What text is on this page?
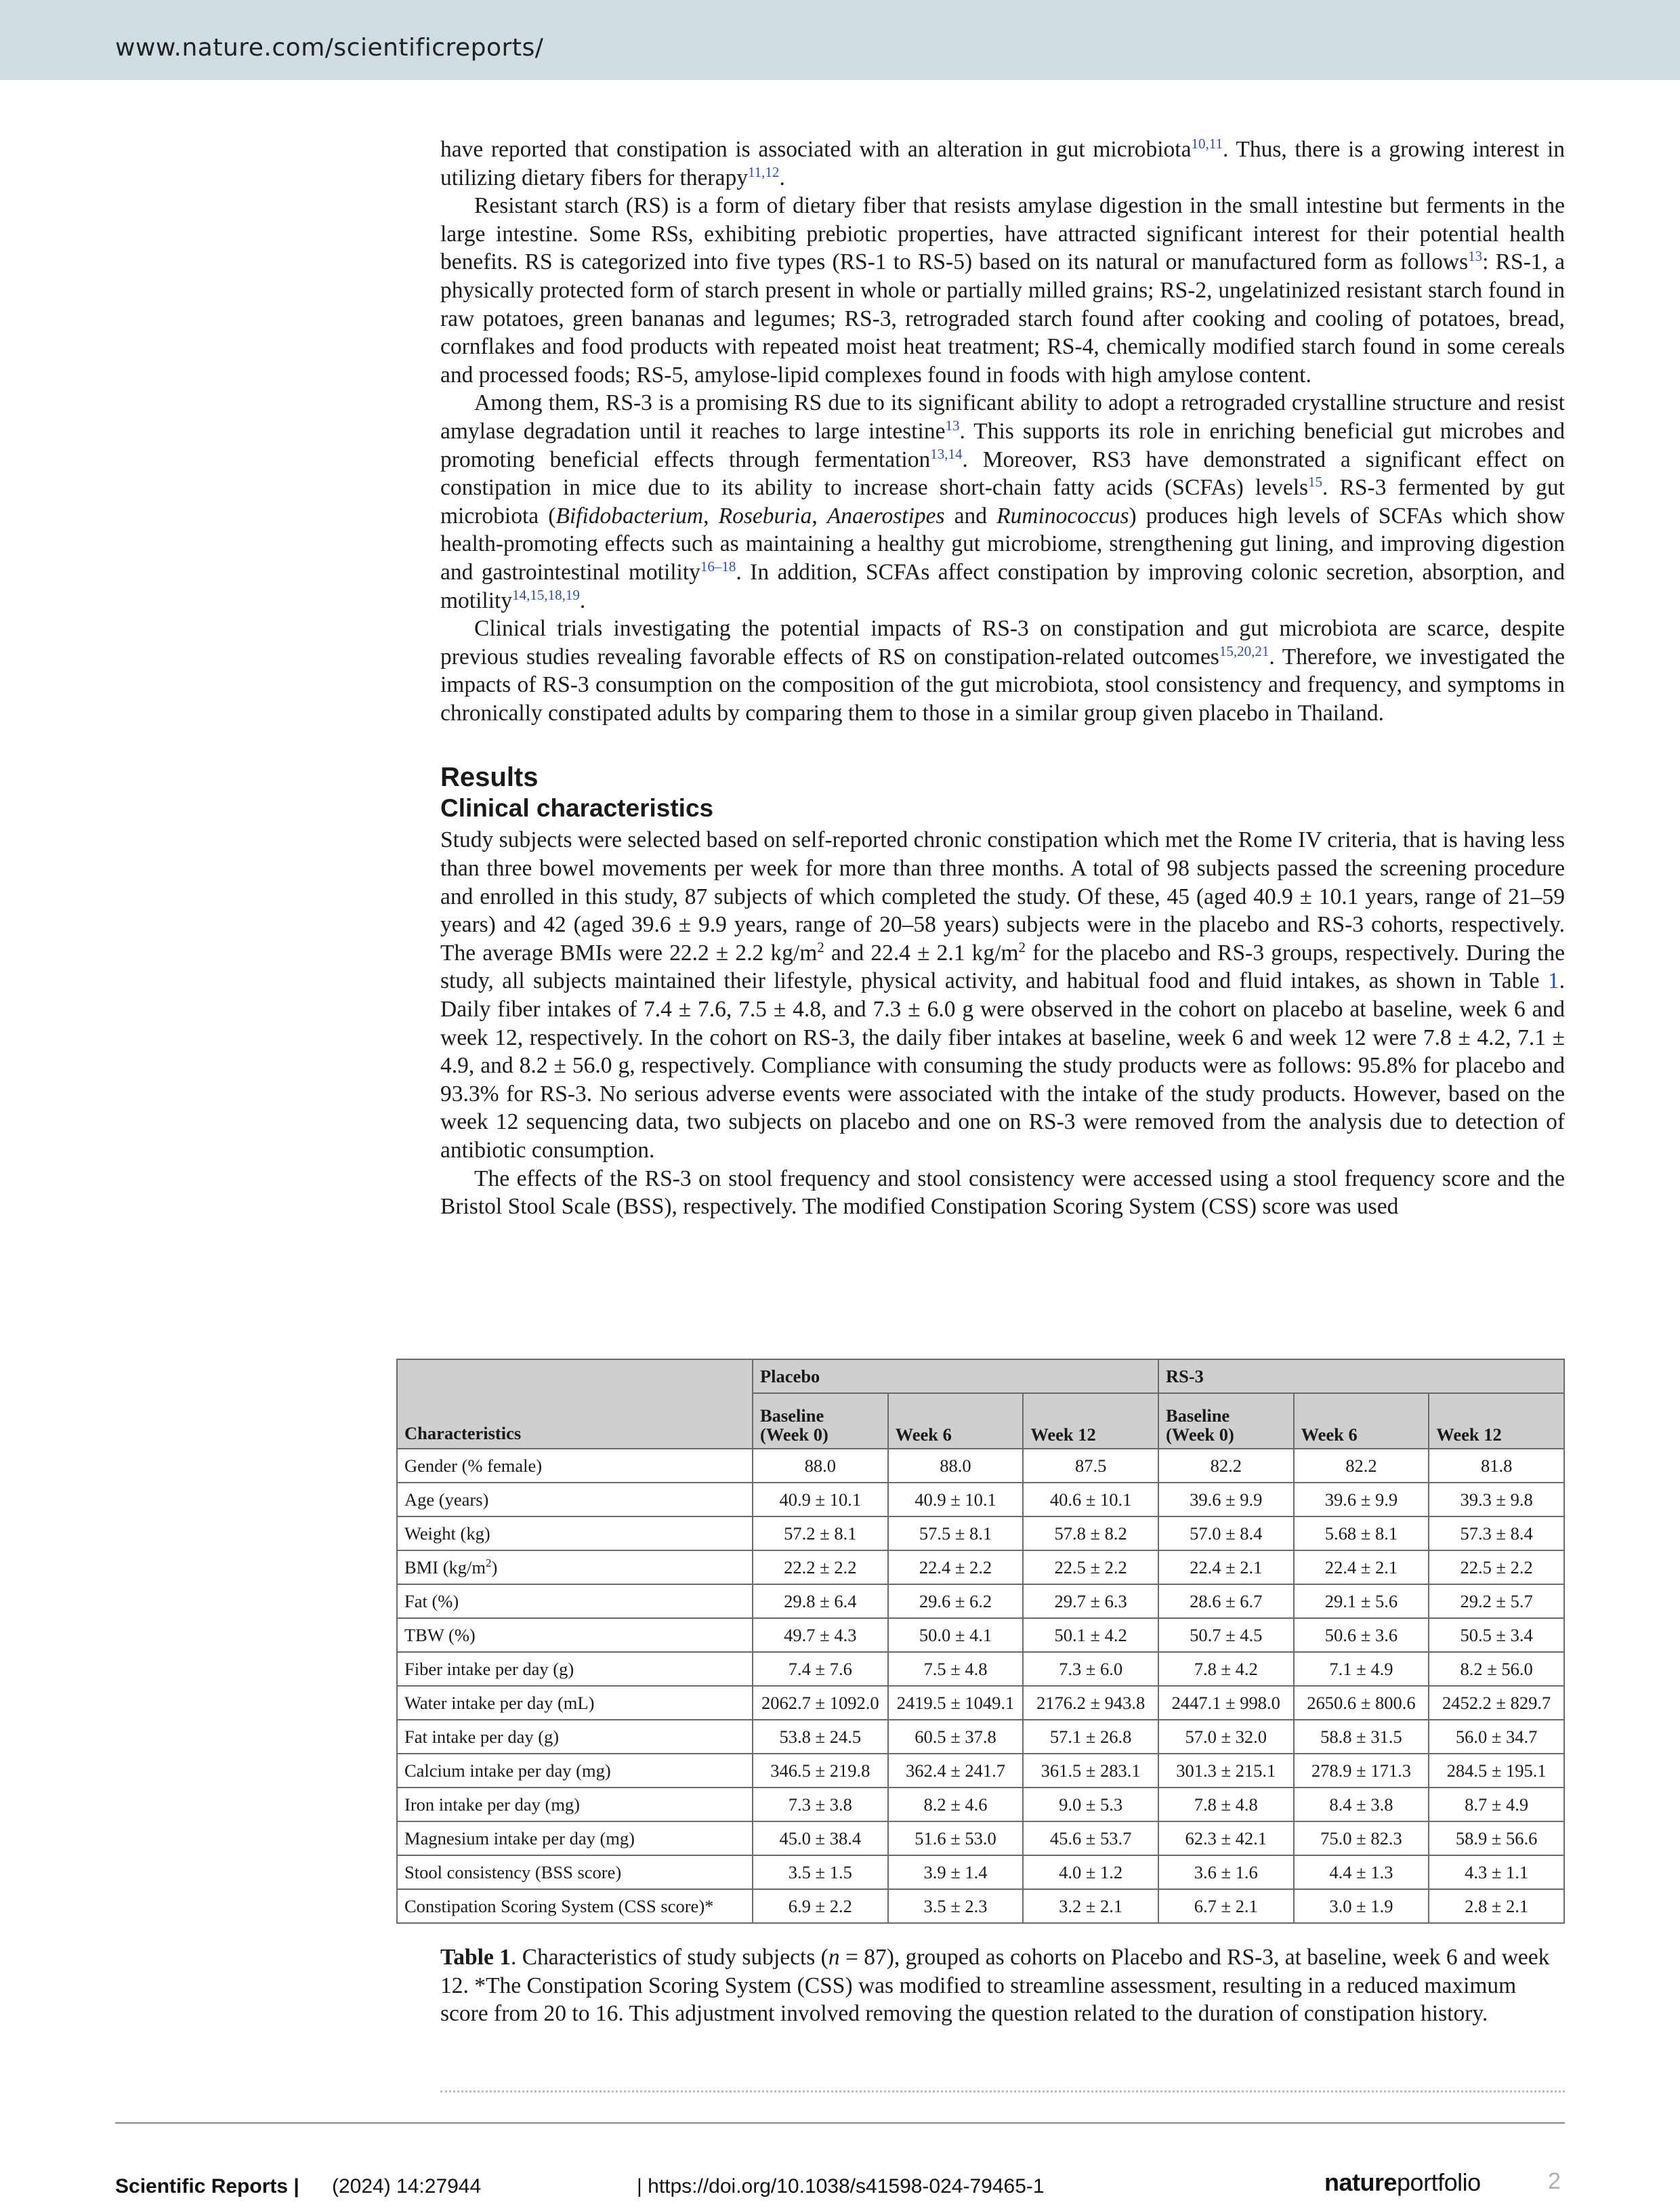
www.nature.com/scientificreports/

have reported that constipation is associated with an alteration in gut microbiota$^{10,11}$. Thus, there is a growing interest in utilizing dietary fibers for therapy$^{11,12}$.

Resistant starch (RS) is a form of dietary fiber that resists amylase digestion in the small intestine but ferments in the large intestine. Some RSs, exhibiting prebiotic properties, have attracted significant interest for their potential health benefits. RS is categorized into five types (RS-1 to RS-5) based on its natural or manufactured form as follows$^{13}$: RS-1, a physically protected form of starch present in whole or partially milled grains; RS-2, ungelatinized resistant starch found in raw potatoes, green bananas and legumes; RS-3, retrograded starch found after cooking and cooling of potatoes, bread, cornflakes and food products with repeated moist heat treatment; RS-4, chemically modified starch found in some cereals and processed foods; RS-5, amylose-lipid complexes found in foods with high amylose content.

Among them, RS-3 is a promising RS due to its significant ability to adopt a retrograded crystalline structure and resist amylase degradation until it reaches to large intestine$^{13}$. This supports its role in enriching beneficial gut microbes and promoting beneficial effects through fermentation$^{13,14}$. Moreover, RS3 have demonstrated a significant effect on constipation in mice due to its ability to increase short-chain fatty acids (SCFAs) levels$^{15}$. RS-3 fermented by gut microbiota (Bifidobacterium, Roseburia, Anaerostipes and Ruminococcus) produces high levels of SCFAs which show health-promoting effects such as maintaining a healthy gut microbiome, strengthening gut lining, and improving digestion and gastrointestinal motility$^{16-18}$. In addition, SCFAs affect constipation by improving colonic secretion, absorption, and motility$^{14,15,18,19}$.

Clinical trials investigating the potential impacts of RS-3 on constipation and gut microbiota are scarce, despite previous studies revealing favorable effects of RS on constipation-related outcomes$^{15,20,21}$. Therefore, we investigated the impacts of RS-3 consumption on the composition of the gut microbiota, stool consistency and frequency, and symptoms in chronically constipated adults by comparing them to those in a similar group given placebo in Thailand.

Results
Clinical characteristics

Study subjects were selected based on self-reported chronic constipation which met the Rome IV criteria, that is having less than three bowel movements per week for more than three months. A total of 98 subjects passed the screening procedure and enrolled in this study, 87 subjects of which completed the study. Of these, 45 (aged 40.9 ± 10.1 years, range of 21–59 years) and 42 (aged 39.6 ± 9.9 years, range of 20–58 years) subjects were in the placebo and RS-3 cohorts, respectively. The average BMIs were 22.2 ± 2.2 $kg/m^2$ and 22.4 ± 2.1 $kg/m^2$ for the placebo and RS-3 groups, respectively. During the study, all subjects maintained their lifestyle, physical activity, and habitual food and fluid intakes, as shown in Table 1. Daily fiber intakes of 7.4 ± 7.6, 7.5 ± 4.8, and 7.3 ± 6.0 g were observed in the cohort on placebo at baseline, week 6 and week 12, respectively. In the cohort on RS-3, the daily fiber intakes at baseline, week 6 and week 12 were 7.8 ± 4.2, 7.1 ± 4.9, and 8.2 ± 56.0 g, respectively. Compliance with consuming the study products were as follows: 95.8% for placebo and 93.3% for RS-3. No serious adverse events were associated with the intake of the study products. However, based on the week 12 sequencing data, two subjects on placebo and one on RS-3 were removed from the analysis due to detection of antibiotic consumption.

The effects of the RS-3 on stool frequency and stool consistency were accessed using a stool frequency score and the Bristol Stool Scale (BSS), respectively. The modified Constipation Scoring System (CSS) score was used

Characteristics	Placebo			RS-3		
	Baseline
(Week 0)	Week 6	Week 12	Baseline
(Week 0)	Week 6	Week 12
Gender (% female)	88.0	88.0	87.5	82.2	82.2	81.8
Age (years)	40.9 ± 10.1	40.9 ± 10.1	40.6 ± 10.1	39.6 ± 9.9	39.6 ± 9.9	39.3 ± 9.8
Weight (kg)	57.2 ± 8.1	57.5 ± 8.1	57.8 ± 8.2	57.0 ± 8.4	5.68 ± 8.1	57.3 ± 8.4
BMI $(kg/m^2)$	22.2 ± 2.2	22.4 ± 2.2	22.5 ± 2.2	22.4 ± 2.1	22.4 ± 2.1	22.5 ± 2.2
Fat (%)	29.8 ± 6.4	29.6 ± 6.2	29.7 ± 6.3	28.6 ± 6.7	29.1 ± 5.6	29.2 ± 5.7
TBW (%)	49.7 ± 4.3	50.0 ± 4.1	50.1 ± 4.2	50.7 ± 4.5	50.6 ± 3.6	50.5 ± 3.4
Fiber intake per day (g)	7.4 ± 7.6	7.5 ± 4.8	7.3 ± 6.0	7.8 ± 4.2	7.1 ± 4.9	8.2 ± 56.0
Water intake per day (mL)	2062.7 ± 1092.0	2419.5 ± 1049.1	2176.2 ± 943.8	2447.1 ± 998.0	2650.6 ± 800.6	2452.2 ± 829.7
Fat intake per day (g)	53.8 ± 24.5	60.5 ± 37.8	57.1 ± 26.8	57.0 ± 32.0	58.8 ± 31.5	56.0 ± 34.7
Calcium intake per day (mg)	346.5 ± 219.8	362.4 ± 241.7	361.5 ± 283.1	301.3 ± 215.1	278.9 ± 171.3	284.5 ± 195.1
Iron intake per day (mg)	7.3 ± 3.8	8.2 ± 4.6	9.0 ± 5.3	7.8 ± 4.8	8.4 ± 3.8	8.7 ± 4.9
Magnesium intake per day (mg)	45.0 ± 38.4	51.6 ± 53.0	45.6 ± 53.7	62.3 ± 42.1	75.0 ± 82.3	58.9 ± 56.6
Stool consistency (BSS score)	3.5 ± 1.5	3.9 ± 1.4	4.0 ± 1.2	3.6 ± 1.6	4.4 ± 1.3	4.3 ± 1.1
Constipation Scoring System (CSS score)*	6.9 ± 2.2	3.5 ± 2.3	3.2 ± 2.1	6.7 ± 2.1	3.0 ± 1.9	2.8 ± 2.1
Table 1. Characteristics of study subjects (n = 87), grouped as cohorts on Placebo and RS-3, at baseline, week 6 and week 12. *The Constipation Scoring System (CSS) was modified to streamline assessment, resulting in a reduced maximum score from 20 to 16. This adjustment involved removing the question related to the duration of constipation history.
Scientific Reports | (2024) 14:27944	| https://doi.org/10.1038/s41598-024-79465-1	natureportfolio	2
